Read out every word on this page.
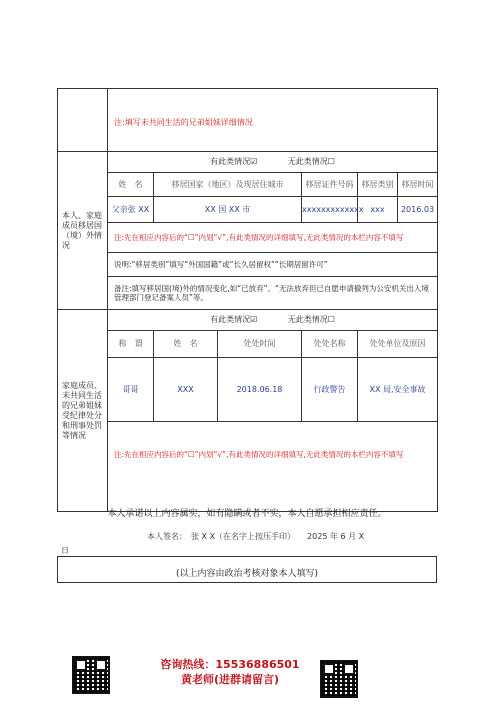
	注:填写未共同生活的兄弟姐妹详细情况					
本人、家庭成员移居国（境）外情况	有此类情况☑ 无此类情况☐					
	姓　名	移居国家（地区）及现居住城市		移居证件号码	移居类别	移居时间
	父亲张 XX	XX 国 XX 市		xxxxxxxxxxxxx	xxx	2016.03
	注:先在相应内容后的“☐”内划“√”,有此类情况的详细填写,无此类情况的本栏内容不填写					
	说明:“移居类别”填写“外国国籍”或“长久居留权”“长期居留许可”					
	备注:填写移居国(境)外的情况变化,如“已放弃”、“无法放弃但已自愿申请撤列为公安机关出入境管理部门登记备案人员”等。					
家庭成员、未共同生活的兄弟姐妹受纪律处分和刑事处罚等情况	有此类情况☑ 无此类情况☐					
	称　谓	姓　名	处处时间	处处名称	处处单位及原因	
	哥哥	XXX	2018.06.18	行政警告	XX 局,安全事故	
	注:先在相应内容后的“☐”内划“√”,有此类情况的详细填写,无此类情况的本栏内容不填写					
本人承诺以上内容属实，如有隐瞒或者不实，本人自愿承担相应责任。
本人签名：　张 X X（在名字上按压手印）　　2025 年 6 月 X
日
(以上内容由政治考核对象本人填写)
咨询热线：15536886501
黄老师(进群请留言)
